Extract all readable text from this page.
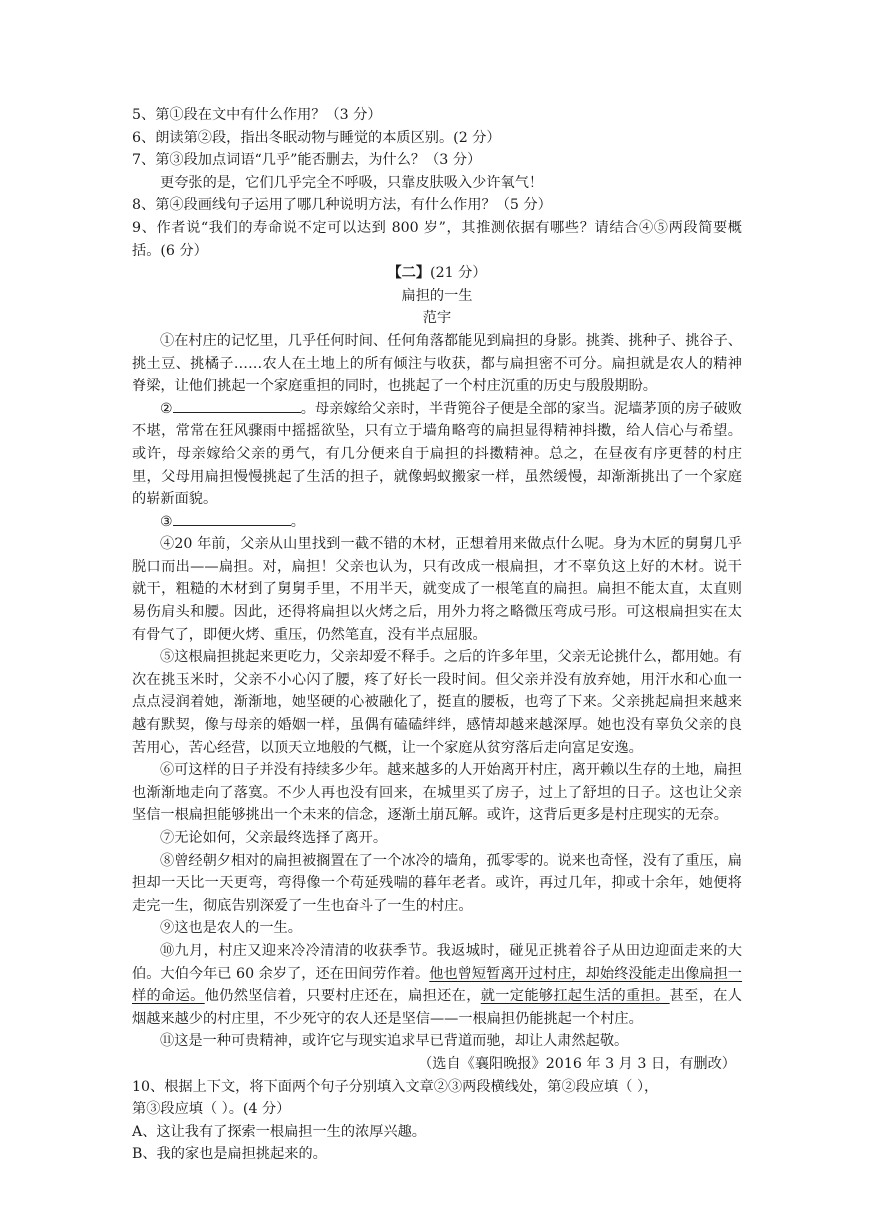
5、第①段在文中有什么作用？（3 分）

6、朗读第②段，指出冬眠动物与睡觉的本质区别。(2 分）

7、第③段加点词语“几乎”能否删去，为什么？（3 分）

更夸张的是，它们几乎完全不呼吸，只靠皮肤吸入少许氧气！

8、第④段画线句子运用了哪几种说明方法，有什么作用？（5 分）

9、作者说“我们的寿命说不定可以达到 800 岁”，其推测依据有哪些？请结合④⑤两段简要概括。(6 分）

【二】(21 分）

扁担的一生

范宇

①在村庄的记忆里，几乎任何时间、任何角落都能见到扁担的身影。挑粪、挑种子、挑谷子、挑土豆、挑橘子……农人在土地上的所有倾注与收获，都与扁担密不可分。扁担就是农人的精神脊梁，让他们挑起一个家庭重担的同时，也挑起了一个村庄沉重的历史与殷殷期盼。

②	。母亲嫁给父亲时，半背篼谷子便是全部的家当。泥墙茅顶的房子破败不堪，常常在狂风骤雨中摇摇欲坠，只有立于墙角略弯的扁担显得精神抖擞，给人信心与希望。或许，母亲嫁给父亲的勇气，有几分便来自于扁担的抖擞精神。总之，在昼夜有序更替的村庄里，父母用扁担慢慢挑起了生活的担子，就像蚂蚁搬家一样，虽然缓慢，却渐渐挑出了一个家庭的崭新面貌。

③	。

④20 年前，父亲从山里找到一截不错的木材，正想着用来做点什么呢。身为木匠的舅舅几乎脱口而出——扁担。对，扁担！父亲也认为，只有改成一根扁担，才不辜负这上好的木材。说干就干，粗糙的木材到了舅舅手里，不用半天，就变成了一根笔直的扁担。扁担不能太直，太直则易伤肩头和腰。因此，还得将扁担以火烤之后，用外力将之略微压弯成弓形。可这根扁担实在太有骨气了，即便火烤、重压，仍然笔直，没有半点屈服。

⑤这根扁担挑起来更吃力，父亲却爱不释手。之后的许多年里，父亲无论挑什么，都用她。有次在挑玉米时，父亲不小心闪了腰，疼了好长一段时间。但父亲并没有放弃她，用汗水和心血一点点浸润着她，渐渐地，她坚硬的心被融化了，挺直的腰板，也弯了下来。父亲挑起扁担来越来越有默契，像与母亲的婚姻一样，虽偶有磕磕绊绊，感情却越来越深厚。她也没有辜负父亲的良苦用心，苦心经营，以顶天立地般的气概，让一个家庭从贫穷落后走向富足安逸。

⑥可这样的日子并没有持续多少年。越来越多的人开始离开村庄，离开赖以生存的土地，扁担也渐渐地走向了落寞。不少人再也没有回来，在城里买了房子，过上了舒坦的日子。这也让父亲坚信一根扁担能够挑出一个未来的信念，逐渐土崩瓦解。或许，这背后更多是村庄现实的无奈。

⑦无论如何，父亲最终选择了离开。

⑧曾经朝夕相对的扁担被搁置在了一个冰冷的墙角，孤零零的。说来也奇怪，没有了重压，扁担却一天比一天更弯，弯得像一个苟延残喘的暮年老者。或许，再过几年，抑或十余年，她便将走完一生，彻底告别深爱了一生也奋斗了一生的村庄。

⑨这也是农人的一生。

⑩九月，村庄又迎来冷冷清清的收获季节。我返城时，碰见正挑着谷子从田边迎面走来的大伯。大伯今年已 60 余岁了，还在田间劳作着。他也曾短暂离开过村庄，却始终没能走出像扁担一样的命运。他仍然坚信着，只要村庄还在，扁担还在，就一定能够扛起生活的重担。甚至，在人烟越来越少的村庄里，不少死守的农人还是坚信——一根扁担仍能挑起一个村庄。

⑪这是一种可贵精神，或许它与现实追求早已背道而驰，却让人肃然起敬。

（选自《襄阳晚报》2016 年 3 月 3 日，有删改）

10、根据上下文，将下面两个句子分别填入文章②③两段横线处，第②段应填（ ），

第③段应填（ ）。(4 分）

A、这让我有了探索一根扁担一生的浓厚兴趣。

B、我的家也是扁担挑起来的。
